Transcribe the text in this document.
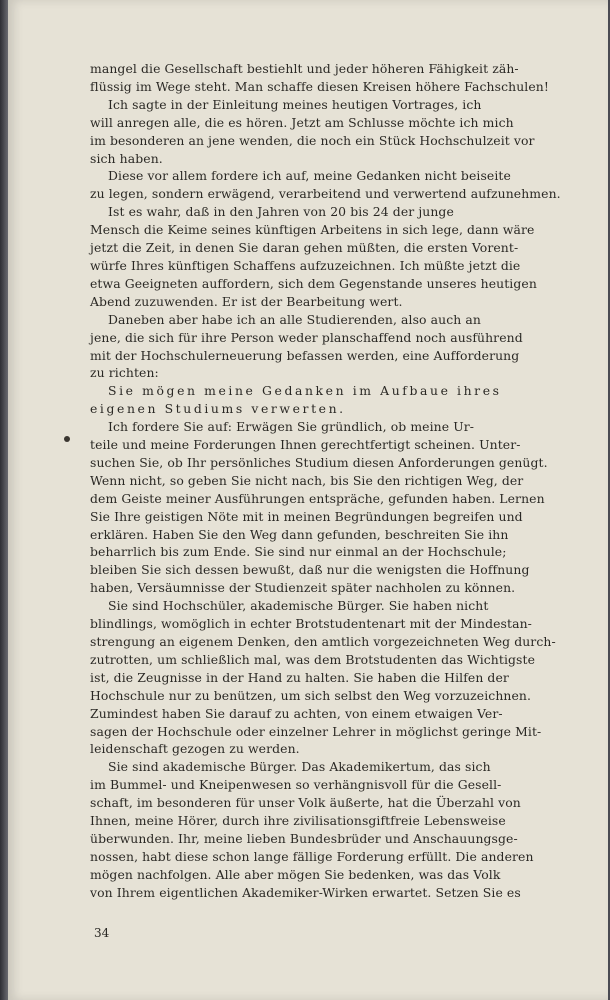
mangel die Gesellschaft bestiehlt und jeder höheren Fähigkeit zäh-
flüssig im Wege steht. Man schaffe diesen Kreisen höhere Fachschulen!
Ich sagte in der Einleitung meines heutigen Vortrages, ich
will anregen alle, die es hören. Jetzt am Schlusse möchte ich mich
im besonderen an jene wenden, die noch ein Stück Hochschulzeit vor
sich haben.
Diese vor allem fordere ich auf, meine Gedanken nicht beiseite
zu legen, sondern erwägend, verarbeitend und verwertend aufzunehmen.
Ist es wahr, daß in den Jahren von 20 bis 24 der junge
Mensch die Keime seines künftigen Arbeitens in sich lege, dann wäre
jetzt die Zeit, in denen Sie daran gehen müßten, die ersten Vorent-
würfe Ihres künftigen Schaffens aufzuzeichnen. Ich müßte jetzt die
etwa Geeigneten auffordern, sich dem Gegenstande unseres heutigen
Abend zuzuwenden. Er ist der Bearbeitung wert.
Daneben aber habe ich an alle Studierenden, also auch an
jene, die sich für ihre Person weder planschaffend noch ausführend
mit der Hochschulerneuerung befassen werden, eine Aufforderung
zu richten:
Sie mögen meine Gedanken im Aufbaue ihres
eigenen Studiums verwerten.
Ich fordere Sie auf: Erwägen Sie gründlich, ob meine Ur-
teile und meine Forderungen Ihnen gerechtfertigt scheinen. Unter-
suchen Sie, ob Ihr persönliches Studium diesen Anforderungen genügt.
Wenn nicht, so geben Sie nicht nach, bis Sie den richtigen Weg, der
dem Geiste meiner Ausführungen entspräche, gefunden haben. Lernen
Sie Ihre geistigen Nöte mit in meinen Begründungen begreifen und
erklären. Haben Sie den Weg dann gefunden, beschreiten Sie ihn
beharrlich bis zum Ende. Sie sind nur einmal an der Hochschule;
bleiben Sie sich dessen bewußt, daß nur die wenigsten die Hoffnung
haben, Versäumnisse der Studienzeit später nachholen zu können.
Sie sind Hochschüler, akademische Bürger. Sie haben nicht
blindlings, womöglich in echter Brotstudentenart mit der Mindestan-
strengung an eigenem Denken, den amtlich vorgezeichneten Weg durch-
zutrotten, um schließlich mal, was dem Brotstudenten das Wichtigste
ist, die Zeugnisse in der Hand zu halten. Sie haben die Hilfen der
Hochschule nur zu benützen, um sich selbst den Weg vorzuzeichnen.
Zumindest haben Sie darauf zu achten, von einem etwaigen Ver-
sagen der Hochschule oder einzelner Lehrer in möglichst geringe Mit-
leidenschaft gezogen zu werden.
Sie sind akademische Bürger. Das Akademikertum, das sich
im Bummel- und Kneipenwesen so verhängnisvoll für die Gesell-
schaft, im besonderen für unser Volk äußerte, hat die Überzahl von
Ihnen, meine Hörer, durch ihre zivilisationsgiftfreie Lebensweise
überwunden. Ihr, meine lieben Bundesbrüder und Anschauungsge-
nossen, habt diese schon lange fällige Forderung erfüllt. Die anderen
mögen nachfolgen. Alle aber mögen Sie bedenken, was das Volk
von Ihrem eigentlichen Akademiker-Wirken erwartet. Setzen Sie es
34
